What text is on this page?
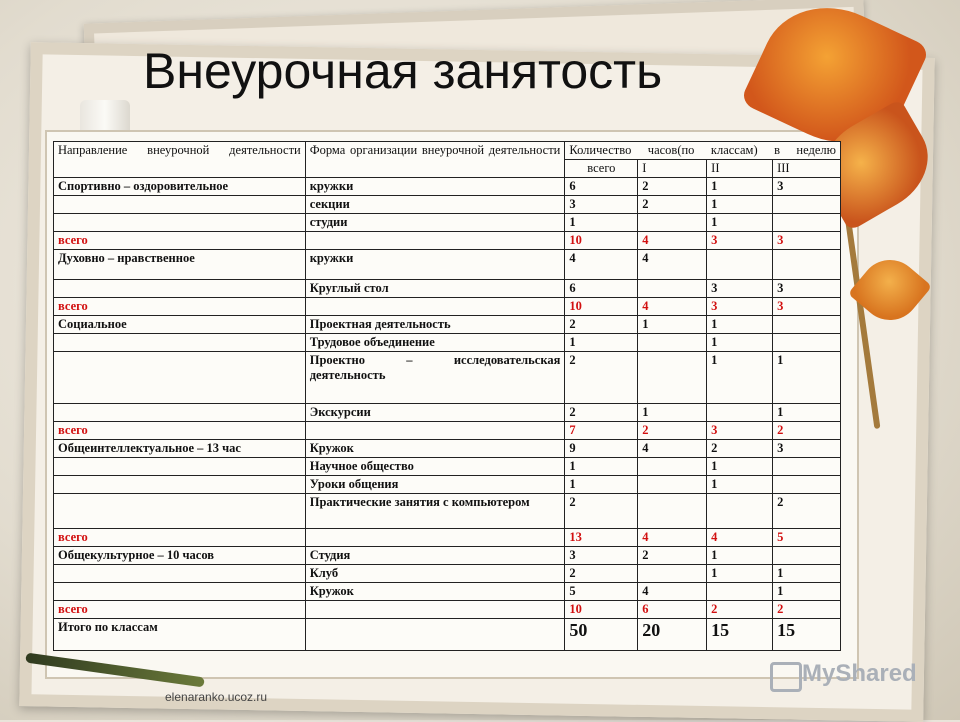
Внеурочная занятость
Направление внеурочной деятельности	Форма организации внеурочной деятельности	Количество часов(по классам) в неделю			
		всего	I	II	III
Спортивно – оздоровительное	кружки	6	2	1	3
	секции	3	2	1	
	студии	1		1	
всего		10	4	3	3
Духовно – нравственное	кружки	4	4		
	Круглый стол	6		3	3
всего		10	4	3	3
Социальное	Проектная деятельность	2	1	1	
	Трудовое объединение	1		1	
	Проектно – исследовательская деятельность	2		1	1
	Экскурсии	2	1		1
всего		7	2	3	2
Общеинтеллектуальное – 13 час	Кружок	9	4	2	3
	Научное общество	1		1	
	Уроки общения	1		1	
	Практические занятия с компьютером	2			2
всего		13	4	4	5
Общекультурное – 10 часов	Студия	3	2	1	
	Клуб	2		1	1
	Кружок	5	4		1
всего		10	6	2	2
Итого по классам		50	20	15	15
MyShared
elenaranko.ucoz.ru
